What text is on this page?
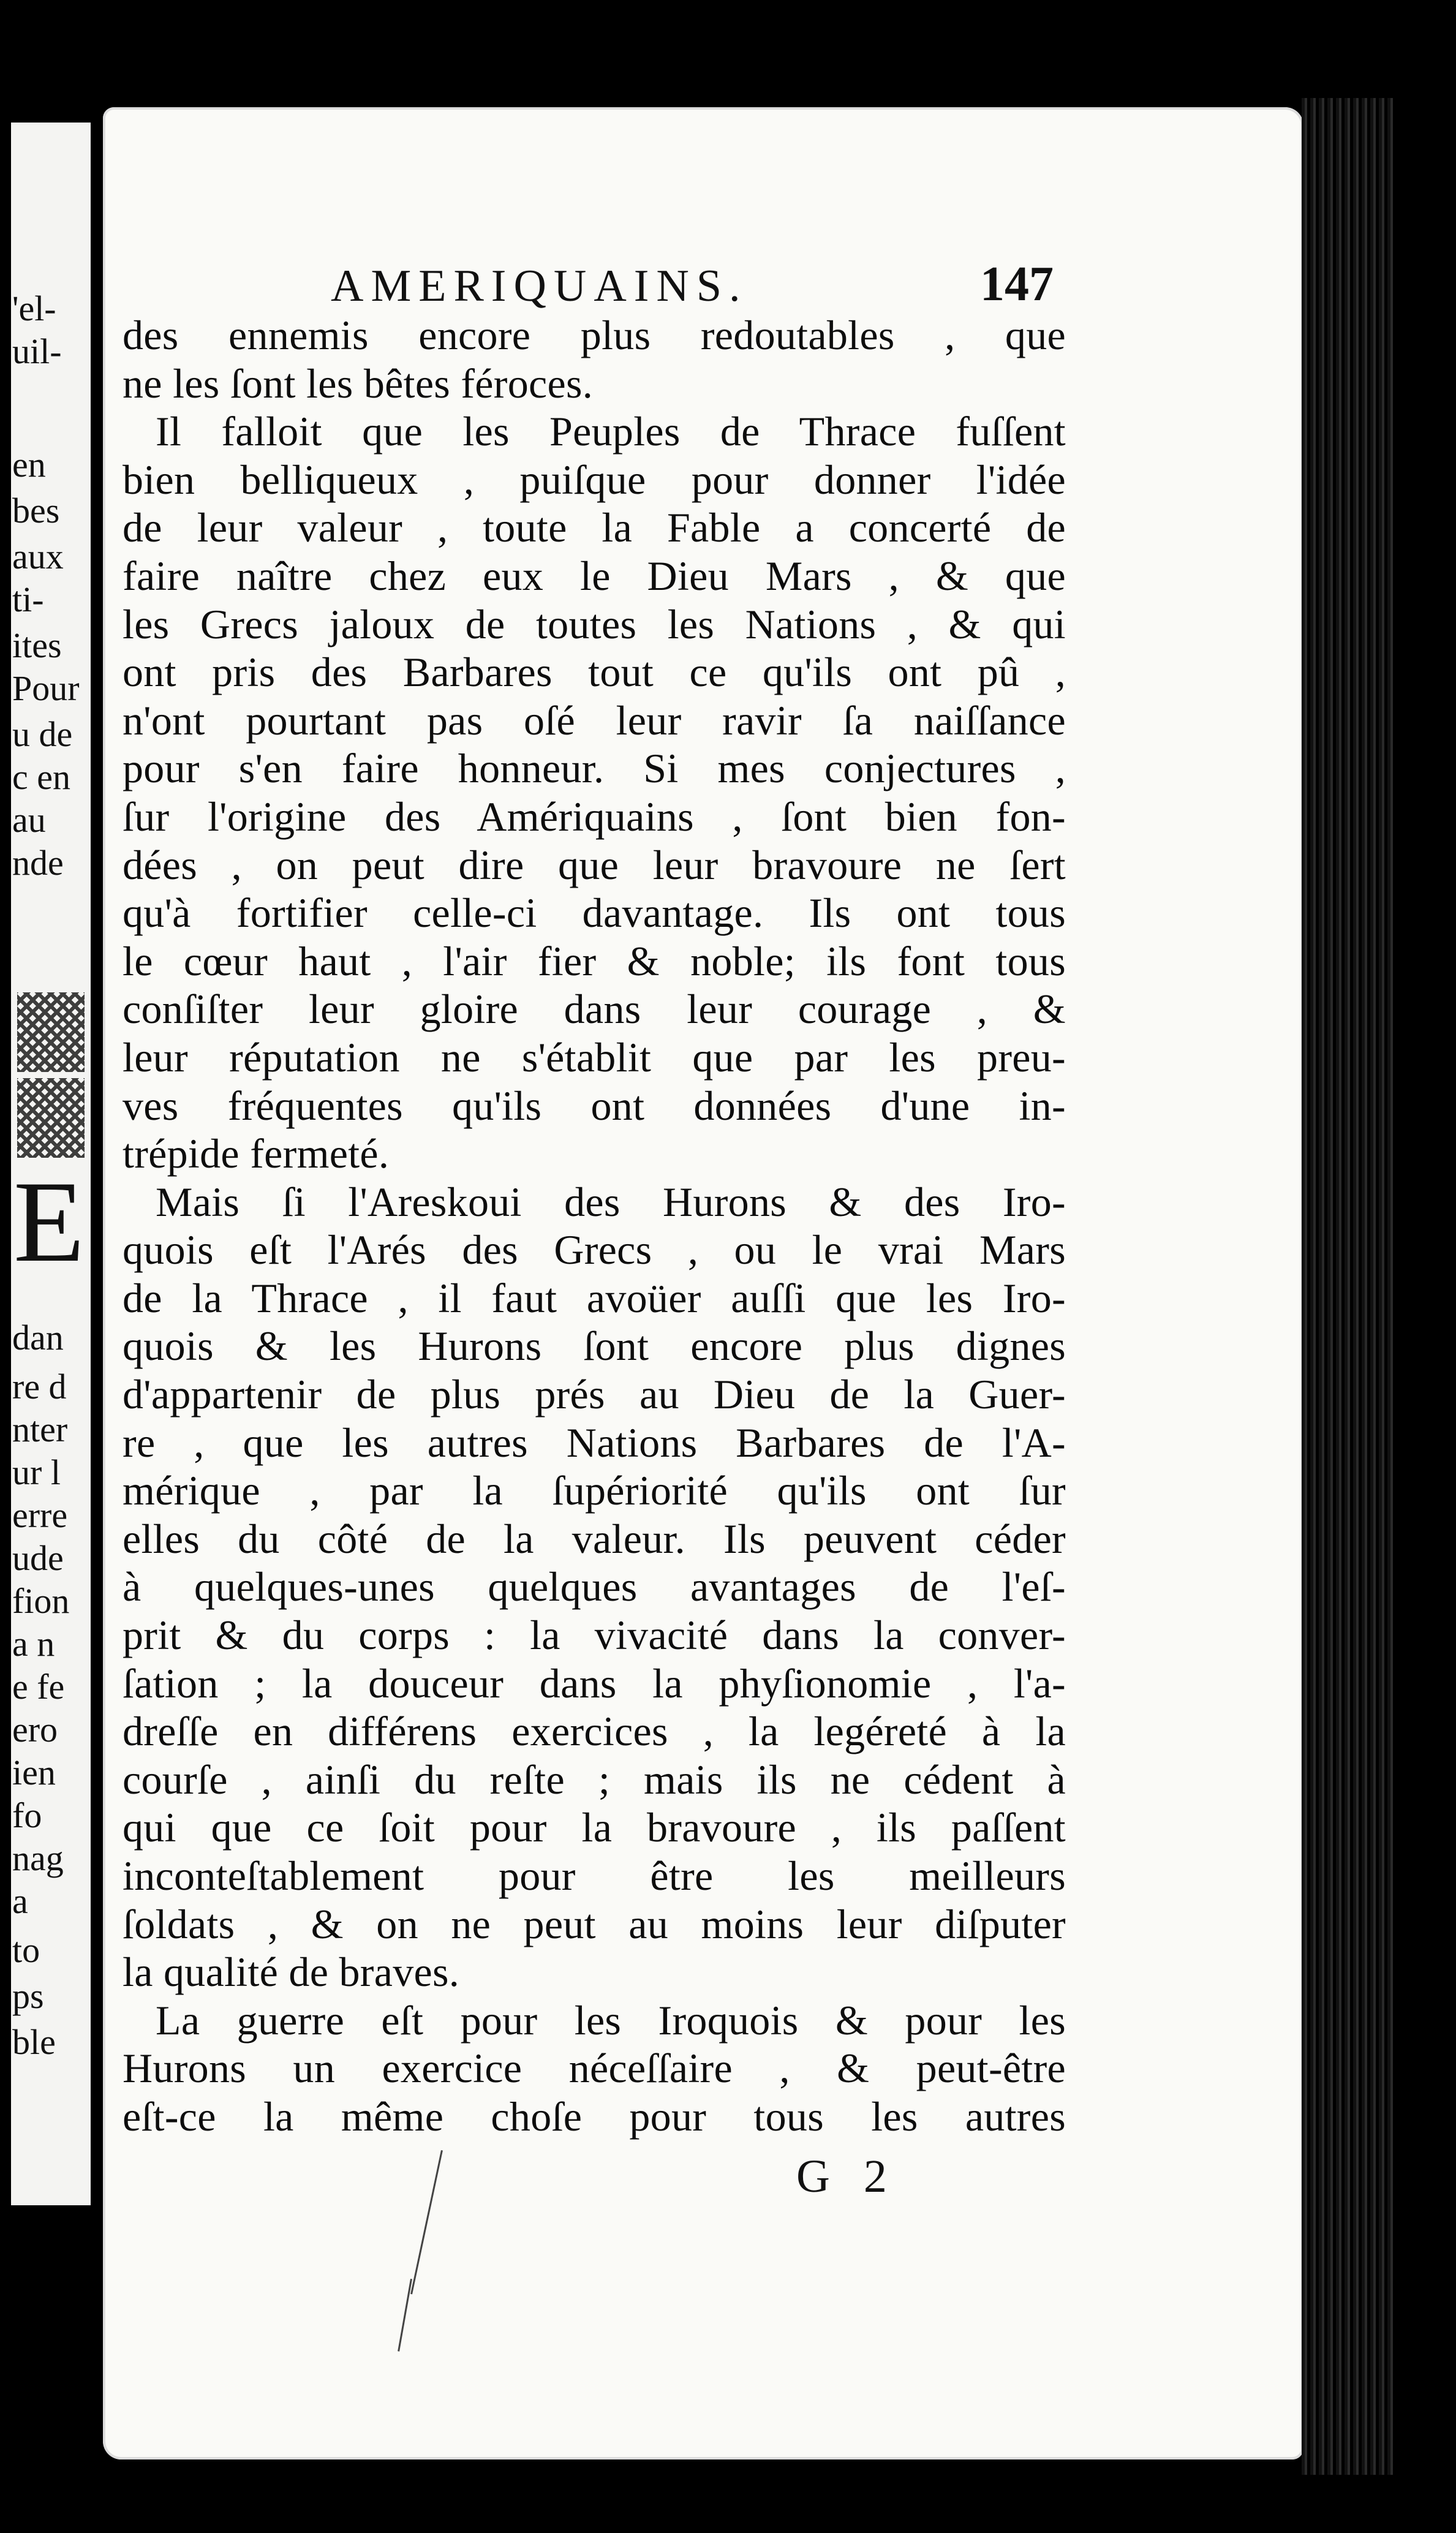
E
'el-
uil-
en
bes
aux
ti-
ites
Pour
u de
c en
au
nde
dan
re d
nter
ur l
erre
ude
fion
a n
e fe
ero
ien
fo
nag
a
to
ps
ble
AMERIQUAINS.	147
des ennemis encore plus redoutables , que
ne les ſont les bêtes féroces.
Il falloit que les Peuples de Thrace fuſſent
bien belliqueux , puiſque pour donner l'idée
de leur valeur , toute la Fable a concerté de
faire naître chez eux le Dieu Mars , & que
les Grecs jaloux de toutes les Nations , & qui
ont pris des Barbares tout ce qu'ils ont pû ,
n'ont pourtant pas oſé leur ravir ſa naiſſance
pour s'en faire honneur. Si mes conjectures ,
ſur l'origine des Amériquains , ſont bien fon-
dées , on peut dire que leur bravoure ne ſert
qu'à fortifier celle-ci davantage. Ils ont tous
le cœur haut , l'air fier & noble; ils font tous
conſiſter leur gloire dans leur courage , &
leur réputation ne s'établit que par les preu-
ves fréquentes qu'ils ont données d'une in-
trépide fermeté.
Mais ſi l'Areskoui des Hurons & des Iro-
quois eſt l'Arés des Grecs , ou le vrai Mars
de la Thrace , il faut avoüer auſſi que les Iro-
quois & les Hurons ſont encore plus dignes
d'appartenir de plus prés au Dieu de la Guer-
re , que les autres Nations Barbares de l'A-
mérique , par la ſupériorité qu'ils ont ſur
elles du côté de la valeur. Ils peuvent céder
à quelques-unes quelques avantages de l'eſ-
prit & du corps : la vivacité dans la conver-
ſation ; la douceur dans la phyſionomie , l'a-
dreſſe en différens exercices , la legéreté à la
courſe , ainſi du reſte ; mais ils ne cédent à
qui que ce ſoit pour la bravoure , ils paſſent
inconteſtablement pour être les meilleurs
ſoldats , & on ne peut au moins leur diſputer
la qualité de braves.
La guerre eſt pour les Iroquois & pour les
Hurons un exercice néceſſaire , & peut-être
eſt-ce la même choſe pour tous les autres
G 2
